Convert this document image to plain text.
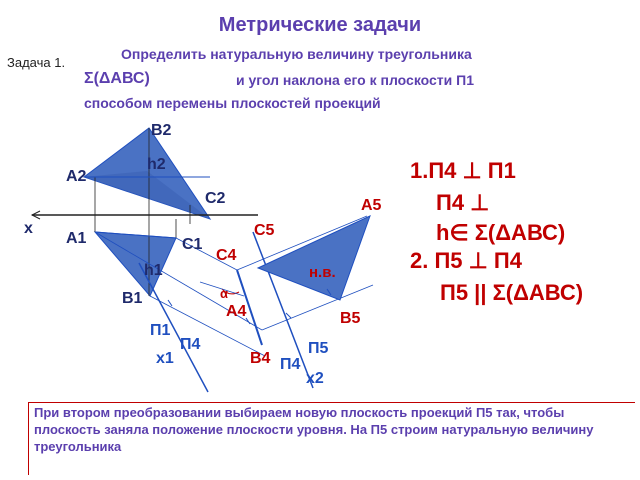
Метрические задачи
Задача 1.
Определить натуральную величину треугольника
Σ(ΔАВС)	и угол наклона его к плоскости П1
способом перемены плоскостей проекций
В2
h2
А2
С2
х
А1	С1
h1
В1
С4
α
А4
В4
П1
П4
х1
С5
А5
В5
н.в.
П4
П5
х2
1.П4 ⊥ П1
П4 ⊥
h∈ Σ(ΔАВС)
2. П5 ⊥ П4
П5 || Σ(ΔАВС)
При втором преобразовании выбираем новую плоскость проекций П5 так, чтобы плоскость заняла положение плоскости уровня. На П5 строим натуральную величину треугольника
